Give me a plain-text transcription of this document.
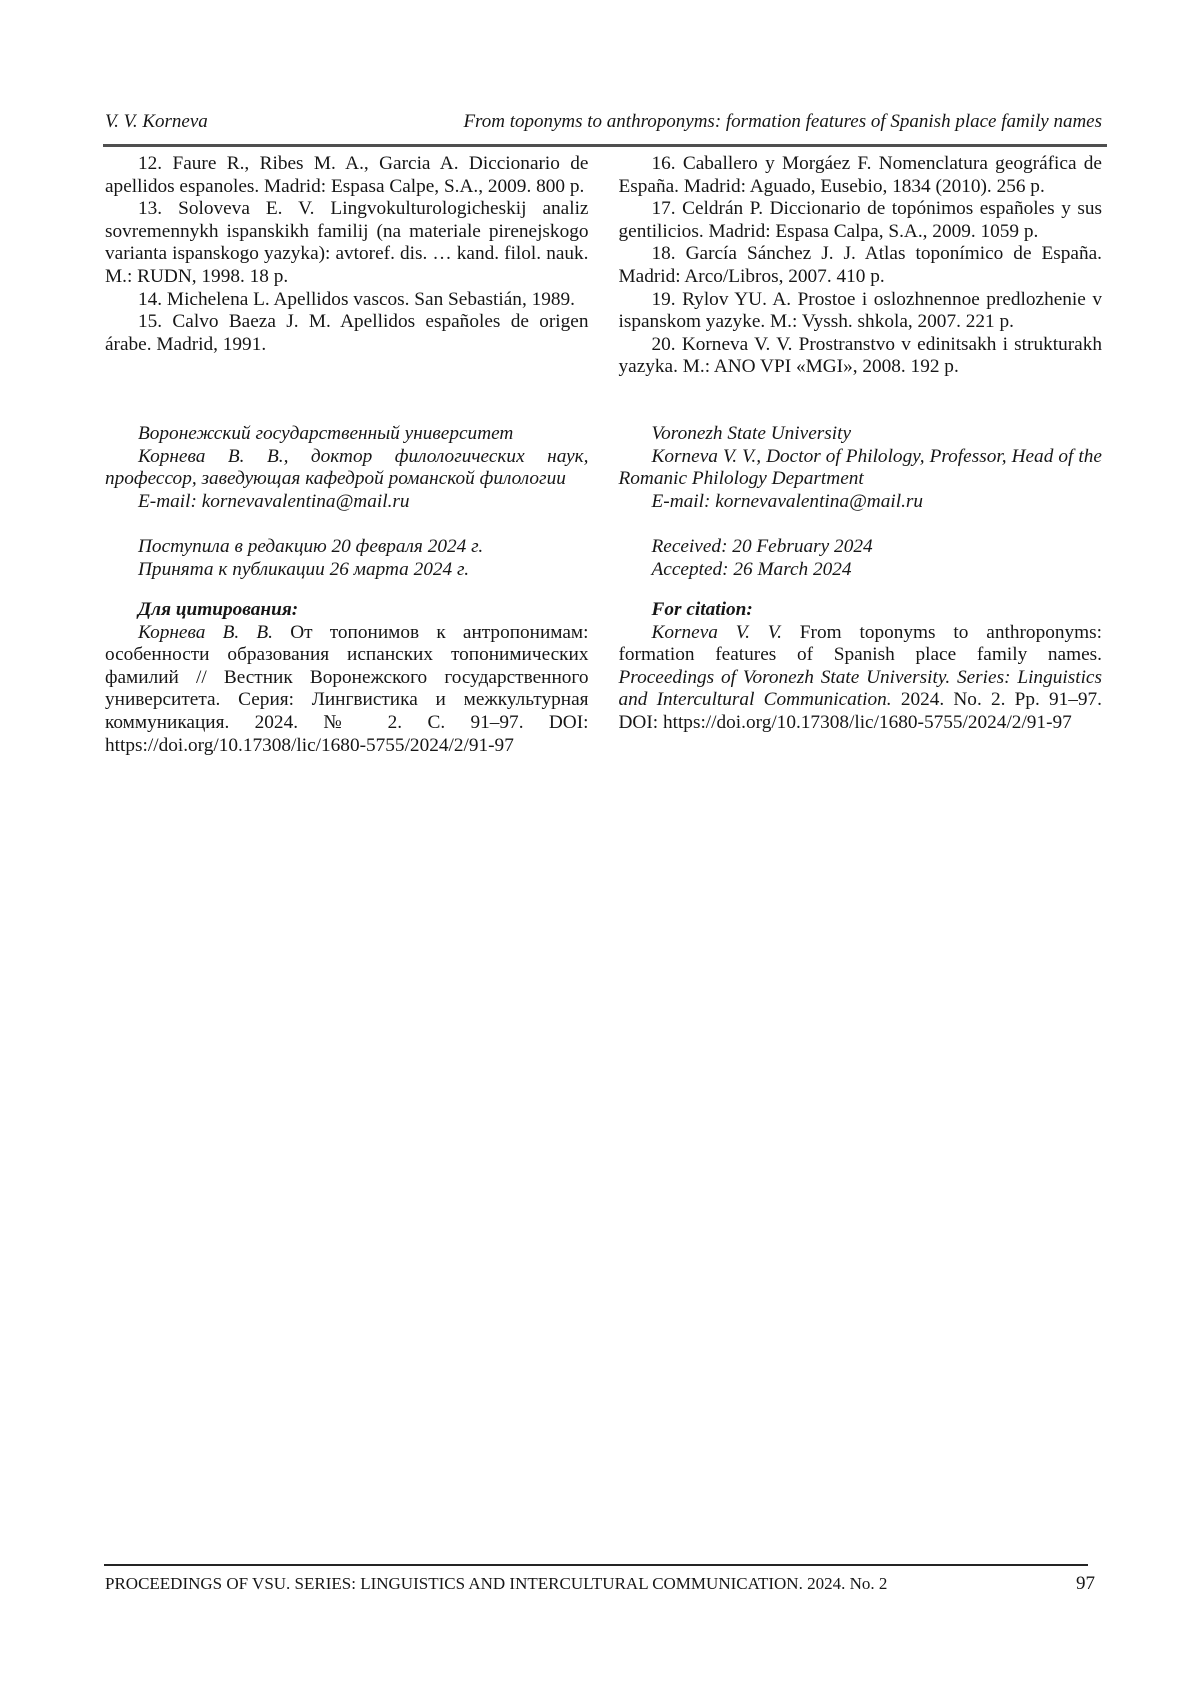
V. V. Korneva	From toponyms to anthroponyms: formation features of Spanish place family names

12. Faure R., Ribes M. A., Garcia A. Diccionario de apellidos espanoles. Madrid: Espasa Calpe, S.A., 2009. 800 p.

13. Soloveva E. V. Lingvokulturologicheskij analiz sovremennykh ispanskikh familij (na materiale pirenejskogo varianta ispanskogo yazyka): avtoref. dis. … kand. filol. nauk. M.: RUDN, 1998. 18 p.

14. Michelena L. Apellidos vascos. San Sebastián, 1989.

15. Calvo Baeza J. M. Apellidos españoles de origen árabe. Madrid, 1991.

Воронежский государственный университет

Корнева В. В., доктор филологических наук, профессор, заведующая кафедрой романской филологии

E-mail: kornevavalentina@mail.ru

Поступила в редакцию 20 февраля 2024 г.

Принята к публикации 26 марта 2024 г.

Для цитирования:

Корнева В. В. От топонимов к антропонимам: особенности образования испанских топонимических фамилий // Вестник Воронежского государственного университета. Серия: Лингвистика и межкультурная коммуникация. 2024. № 2. С. 91–97. DOI: https://doi.org/10.17308/lic/1680-5755/2024/2/91-97

16. Caballero y Morgáez F. Nomenclatura geográfica de España. Madrid: Aguado, Eusebio, 1834 (2010). 256 p.

17. Celdrán P. Diccionario de topónimos españoles y sus gentilicios. Madrid: Espasa Calpa, S.A., 2009. 1059 p.

18. García Sánchez J. J. Atlas toponímico de España. Madrid: Arco/Libros, 2007. 410 p.

19. Rylov YU. A. Prostoe i oslozhnennoe predlozhenie v ispanskom yazyke. M.: Vyssh. shkola, 2007. 221 p.

20. Korneva V. V. Prostranstvo v edinitsakh i strukturakh yazyka. M.: ANO VPI «MGI», 2008. 192 p.

Voronezh State University

Korneva V. V., Doctor of Philology, Professor, Head of the Romanic Philology Department

E-mail: kornevavalentina@mail.ru

Received: 20 February 2024

Accepted: 26 March 2024

For citation:

Korneva V. V. From toponyms to anthroponyms: formation features of Spanish place family names. Proceedings of Voronezh State University. Series: Linguistics and Intercultural Communication. 2024. No. 2. Pp. 91–97. DOI: https://doi.org/10.17308/lic/1680-5755/2024/2/91-97

PROCEEDINGS OF VSU. SERIES: LINGUISTICS AND INTERCULTURAL COMMUNICATION. 2024. No. 2	97
